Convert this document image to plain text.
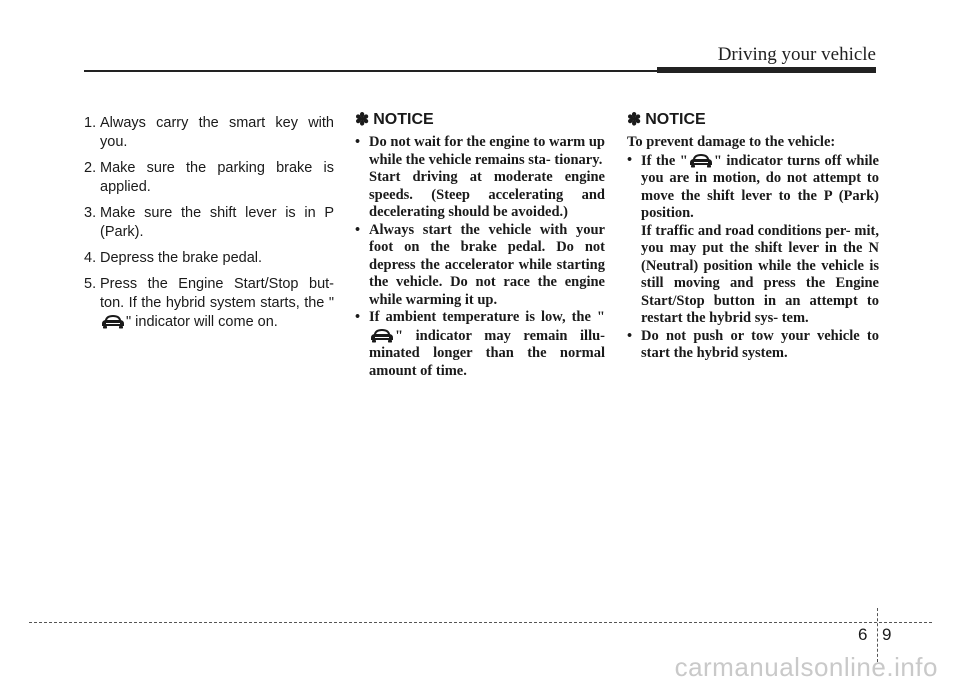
Driving your vehicle
1. Always carry the smart key with you.
2. Make sure the parking brake is applied.
3. Make sure the shift lever is in P (Park).
4. Depress the brake pedal.
5. Press the Engine Start/Stop but- ton. If the hybrid system starts, the "" indicator will come on.
✽ NOTICE
• Do not wait for the engine to warm up while the vehicle remains sta- tionary.
Start driving at moderate engine speeds. (Steep accelerating and decelerating should be avoided.)
• Always start the vehicle with your foot on the brake pedal. Do not depress the accelerator while starting the vehicle. Do not race the engine while warming it up.
• If ambient temperature is low, the "" indicator may remain illu- minated longer than the normal amount of time.
✽ NOTICE
To prevent damage to the vehicle:
• If the " " indicator turns off while you are in motion, do not attempt to move the shift lever to the P (Park) position.
If traffic and road conditions per- mit, you may put the shift lever in the N (Neutral) position while the vehicle is still moving and press the Engine Start/Stop button in an attempt to restart the hybrid sys- tem.
• Do not push or tow your vehicle to start the hybrid system.
6 9
carmanualsonline.info
